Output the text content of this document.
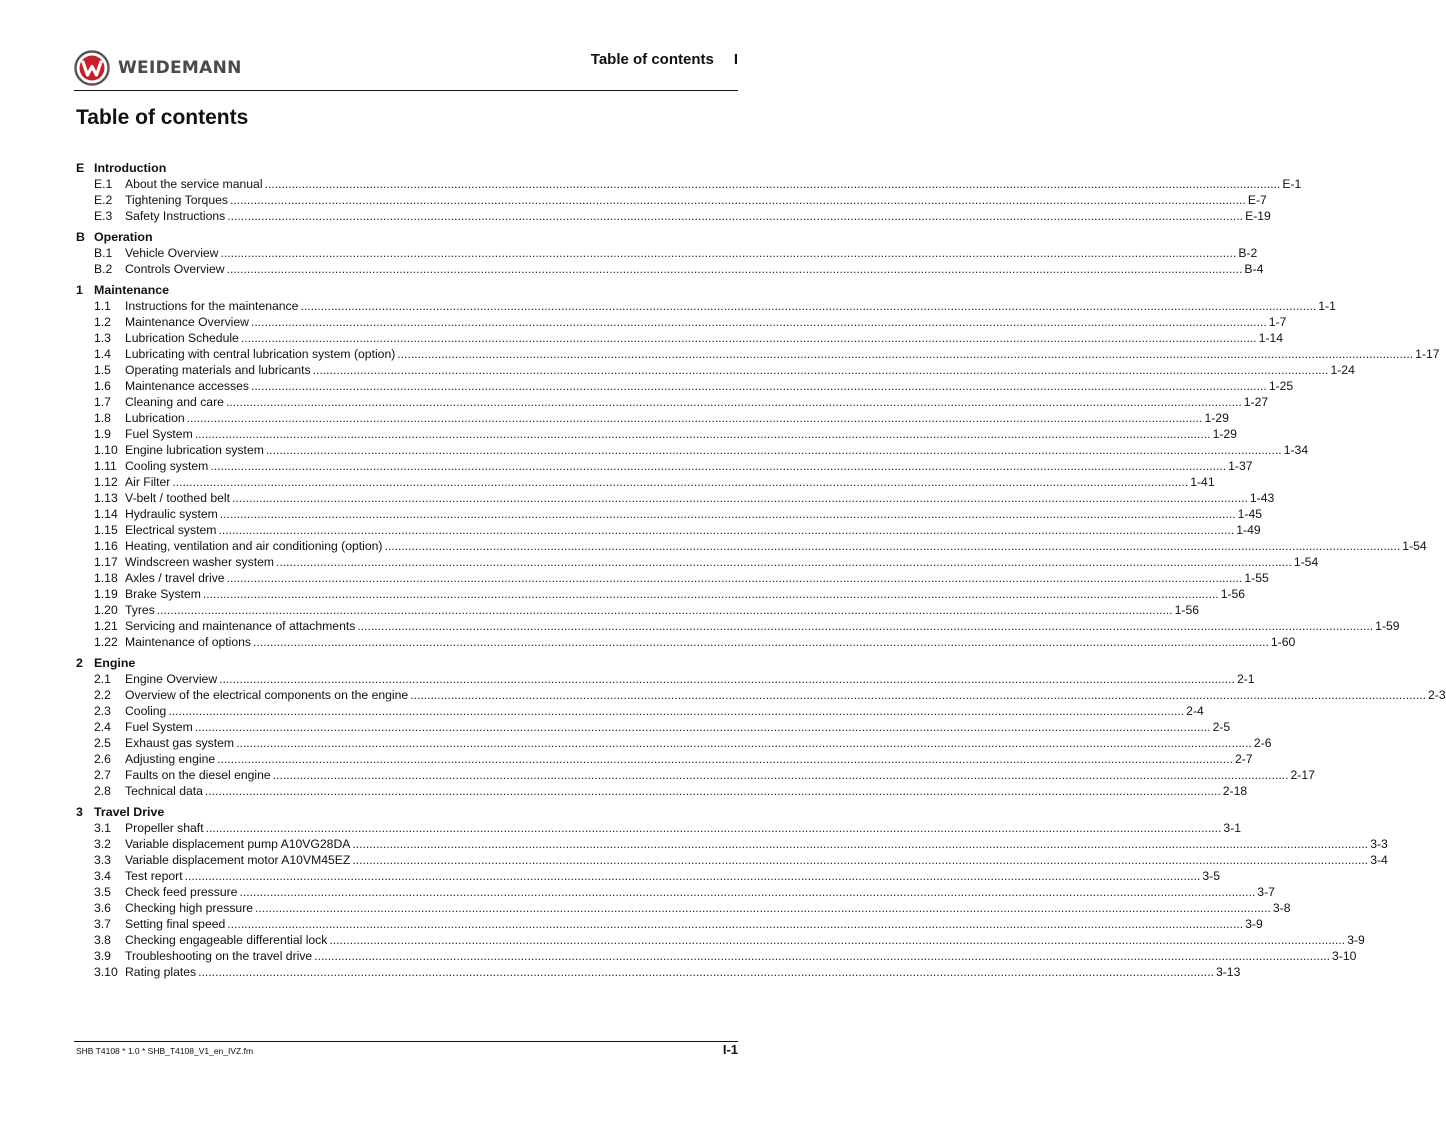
WEIDEMANN	Table of contents I
Table of contents
E Introduction
E.1	About the service manual ............................................................................................................................................................................................................................................................................................................ E-1
E.2	Tightening Torques ............................................................................................................................................................................................................................................................................................................ E-7
E.3	Safety Instructions ............................................................................................................................................................................................................................................................................................................ E-19
B Operation
B.1	Vehicle Overview ............................................................................................................................................................................................................................................................................................................ B-2
B.2	Controls Overview ............................................................................................................................................................................................................................................................................................................ B-4
1 Maintenance
1.1	Instructions for the maintenance ............................................................................................................................................................................................................................................................................................................ 1-1
1.2	Maintenance Overview ............................................................................................................................................................................................................................................................................................................ 1-7
1.3	Lubrication Schedule ............................................................................................................................................................................................................................................................................................................ 1-14
1.4	Lubricating with central lubrication system (option) ............................................................................................................................................................................................................................................................................................................ 1-17
1.5	Operating materials and lubricants ............................................................................................................................................................................................................................................................................................................ 1-24
1.6	Maintenance accesses ............................................................................................................................................................................................................................................................................................................ 1-25
1.7	Cleaning and care ............................................................................................................................................................................................................................................................................................................ 1-27
1.8	Lubrication ............................................................................................................................................................................................................................................................................................................ 1-29
1.9	Fuel System ............................................................................................................................................................................................................................................................................................................ 1-29
1.10 Engine lubrication system ............................................................................................................................................................................................................................................................................................................ 1-34
1.11 Cooling system ............................................................................................................................................................................................................................................................................................................ 1-37
1.12 Air Filter ............................................................................................................................................................................................................................................................................................................ 1-41
1.13 V-belt / toothed belt ............................................................................................................................................................................................................................................................................................................ 1-43
1.14 Hydraulic system ............................................................................................................................................................................................................................................................................................................ 1-45
1.15 Electrical system ............................................................................................................................................................................................................................................................................................................ 1-49
1.16 Heating, ventilation and air conditioning (option) ............................................................................................................................................................................................................................................................................................................ 1-54
1.17 Windscreen washer system ............................................................................................................................................................................................................................................................................................................ 1-54
1.18 Axles / travel drive ............................................................................................................................................................................................................................................................................................................ 1-55
1.19 Brake System ............................................................................................................................................................................................................................................................................................................ 1-56
1.20 Tyres ............................................................................................................................................................................................................................................................................................................ 1-56
1.21 Servicing and maintenance of attachments ............................................................................................................................................................................................................................................................................................................ 1-59
1.22 Maintenance of options ............................................................................................................................................................................................................................................................................................................ 1-60
2 Engine
2.1	Engine Overview ............................................................................................................................................................................................................................................................................................................ 2-1
2.2	Overview of the electrical components on the engine ............................................................................................................................................................................................................................................................................................................ 2-3
2.3	Cooling ............................................................................................................................................................................................................................................................................................................ 2-4
2.4	Fuel System ............................................................................................................................................................................................................................................................................................................ 2-5
2.5	Exhaust gas system ............................................................................................................................................................................................................................................................................................................ 2-6
2.6	Adjusting engine ............................................................................................................................................................................................................................................................................................................ 2-7
2.7	Faults on the diesel engine ............................................................................................................................................................................................................................................................................................................ 2-17
2.8	Technical data ............................................................................................................................................................................................................................................................................................................ 2-18
3 Travel Drive
3.1	Propeller shaft ............................................................................................................................................................................................................................................................................................................ 3-1
3.2	Variable displacement pump A10VG28DA ............................................................................................................................................................................................................................................................................................................ 3-3
3.3	Variable displacement motor A10VM45EZ ............................................................................................................................................................................................................................................................................................................ 3-4
3.4	Test report ............................................................................................................................................................................................................................................................................................................ 3-5
3.5	Check feed pressure ............................................................................................................................................................................................................................................................................................................ 3-7
3.6	Checking high pressure ............................................................................................................................................................................................................................................................................................................ 3-8
3.7	Setting final speed ............................................................................................................................................................................................................................................................................................................ 3-9
3.8	Checking engageable differential lock ............................................................................................................................................................................................................................................................................................................ 3-9
3.9	Troubleshooting on the travel drive ............................................................................................................................................................................................................................................................................................................ 3-10
3.10 Rating plates ............................................................................................................................................................................................................................................................................................................ 3-13
SHB T4108 * 1.0 * SHB_T4108_V1_en_IVZ.fm	I-1
